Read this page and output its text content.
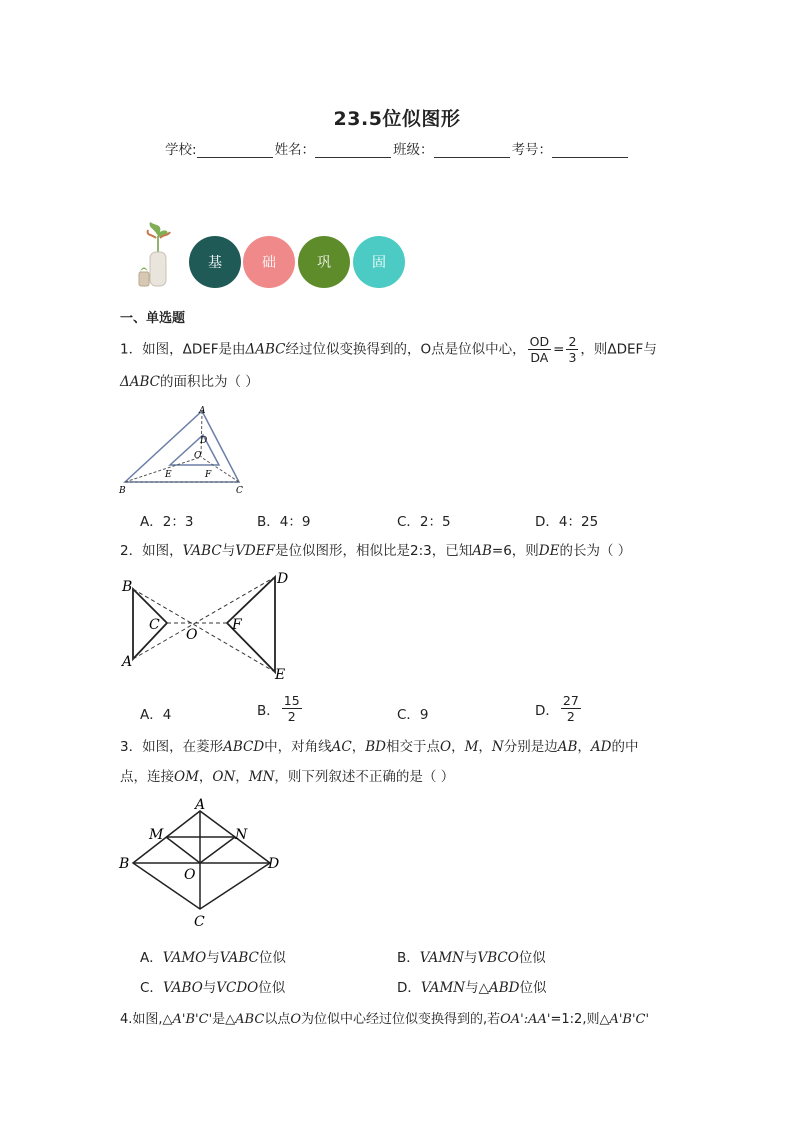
23.5位似图形
学校:	姓名：	班级：	考号：
基	础	巩	固
一、单选题
1．如图，ΔDEF是由ΔABC经过位似变换得到的，O点是位似中心， $\frac{OD}{DA} = \frac{2}{3}$ ，则ΔDEF与
ΔABC的面积比为（ ）
A
D
O
B
E	F
C
A．2：3	B．4：9	C．2：5	D．4：25
2．如图，VABC与VDEF是位似图形，相似比是2:3，已知AB=6，则DE的长为（ ）
B
C
O
F
D
A
E
A．4	B． $\frac{15}{2}$	C．9	D． $\frac{27}{2}$
3．如图，在菱形ABCD中，对角线AC，BD相交于点O，M，N分别是边AB，AD的中
点，连接OM，ON，MN，则下列叙述不正确的是（ ）
A
M	N
B	D
O
C
A．VAMO与VABC位似	B．VAMN与VBCO位似
C．VABO与VCDO位似	D．VAMN与△ABD位似
4.如图,△A'B'C'是△ABC以点O为位似中心经过位似变换得到的,若OA':AA'=1:2,则△A'B'C'
